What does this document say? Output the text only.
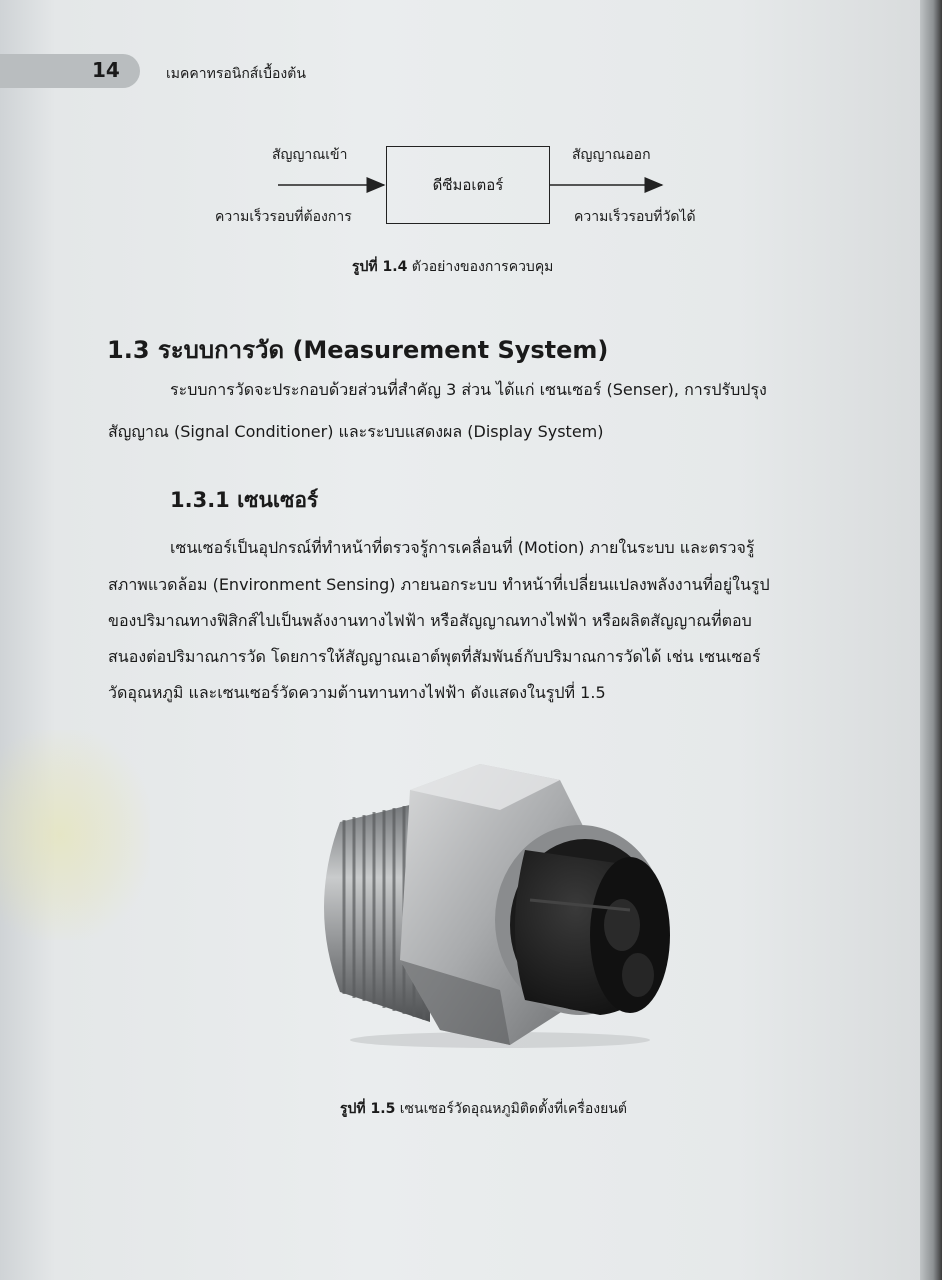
14	เมคคาทรอนิกส์เบื้องต้น
สัญญาณเข้า
ความเร็วรอบที่ต้องการ
ดีซีมอเตอร์
สัญญาณออก
ความเร็วรอบที่วัดได้
รูปที่ 1.4 ตัวอย่างของการควบคุม
1.3 ระบบการวัด (Measurement System)
ระบบการวัดจะประกอบด้วยส่วนที่สำคัญ 3 ส่วน ได้แก่ เซนเซอร์ (Senser), การปรับปรุง
สัญญาณ (Signal Conditioner) และระบบแสดงผล (Display System)
1.3.1 เซนเซอร์
เซนเซอร์เป็นอุปกรณ์ที่ทำหน้าที่ตรวจรู้การเคลื่อนที่ (Motion) ภายในระบบ และตรวจรู้
สภาพแวดล้อม (Environment Sensing) ภายนอกระบบ ทำหน้าที่เปลี่ยนแปลงพลังงานที่อยู่ในรูป
ของปริมาณทางฟิสิกส์ไปเป็นพลังงานทางไฟฟ้า หรือสัญญาณทางไฟฟ้า หรือผลิตสัญญาณที่ตอบ
สนองต่อปริมาณการวัด โดยการให้สัญญาณเอาต์พุตที่สัมพันธ์กับปริมาณการวัดได้ เช่น เซนเซอร์
วัดอุณหภูมิ และเซนเซอร์วัดความต้านทานทางไฟฟ้า ดังแสดงในรูปที่ 1.5
รูปที่ 1.5 เซนเซอร์วัดอุณหภูมิติดตั้งที่เครื่องยนต์
